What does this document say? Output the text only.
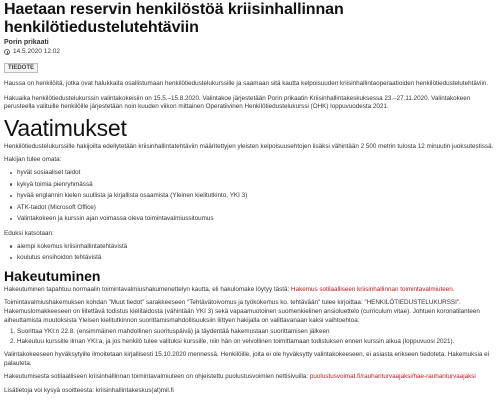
Haetaan reservin henkilöstöä kriisinhallinnan henkilötiedustelutehtäviin
Porin prikaati
14.5.2020 12.02
TIEDOTE

Haussa on henkilöitä, jotka ovat halukkaita osallistumaan henkilötiedustelukurssille ja saamaan sitä kautta kelpoisuuden kriisinhallintaoperaatioiden henkilötiedustelutehtäviin.

Hakuaika henkilötiedustelukurssin valintakokeisiin on 15.5.–15.8.2020. Valintakoe järjestetään Porin prikaatin Kriisinhallintakeskuksessa 23.–27.11.2020. Valintakokeen perusteella valituille henkilöille järjestetään noin kuuden viikon mittainen Operatiivinen Henkilötiedustelukurssi (OHK) loppuvuodesta 2021.

Vaatimukset

Henkilötiedustelukurssille hakijoilta edellytetään kriisinhallintatehtäviin määritettyjen yleisten kelpoisuusehtojen lisäksi vähintään 2 500 metrin tulosta 12 minuutin juoksutestissä.

Hakijan tulee omata:

hyvät sosiaaliset taidot
kykyä toimia pienryhmässä
hyvää englannin kielen suullista ja kirjallista osaamista (Yleinen kielitutkinto, YKI 3)
ATK-taidot (Microsoft Office)
Valintakokeen ja kurssin ajan voimassa oleva toimintavalmiussitoumus

Eduksi katsotaan:

aiempi kokemus kriisinhallintatehtävistä
koulutus ensihoidon tehtävistä
Hakeutuminen

Hakeutuminen tapahtuu normaalin toimintavalmiushakumenettelyn kautta, eli hakulomake löytyy tästä: Hakemus sotilaalliseen kriisinhallinnan toimintavalmiuteen.

Toimintavalmiushakemuksen kohdan "Muut tiedot" sarakkeeseen "Tehtävätoivomus ja työkokemus ko. tehtävään" tulee kirjoittaa: "HENKILÖTIEDUSTELUKURSSI". Hakemuslomakkeeseen on liitettävä todistus kielitaidosta (vähintään YKI 3) sekä vapaamuotoinen suomenkielinen ansioluettelo (curriculum vitae). Johtuen koronatilanteen aiheuttamista muutoksista Yleisen kielitutkinnon suorittamismahdollisuuksiin liittyen hakijalla on valittavanaan kaksi vaihtoehtoa:

1. Suorittaa YKI:n 22.8. (ensimmäinen mahdollinen suorituspäivä) ja täydentää hakemustaan suorittamisen jälkeen
2. Hakeutuu kurssille ilman YKI:a, ja jos henkilö tulee valituksi kurssille, niin hän on velvollinen toimittamaan todistuksen ennen kurssin alkua (loppuvuosi 2021).

Valintakokeeseen hyväksytyille ilmoitetaan kirjallisesti 15.10.2020 mennessä. Henkilöille, joita ei ole hyväksytty valintakokeeseen, ei asiasta erikseen tiedoteta. Hakemuksia ei palauteta.

Hakeutumisesta sotilaalliseen kriisinhallinnan toimintavalmiuteen on ohjeistettu puolustusvoimien nettisivuilla: puolustusvoimat.fi/rauhanturvaajaksi/hae-rauhanturvaajaksi

Lisätietoja voi kysyä osoitteesta: kriisinhallintakeskus(at)mil.fi
